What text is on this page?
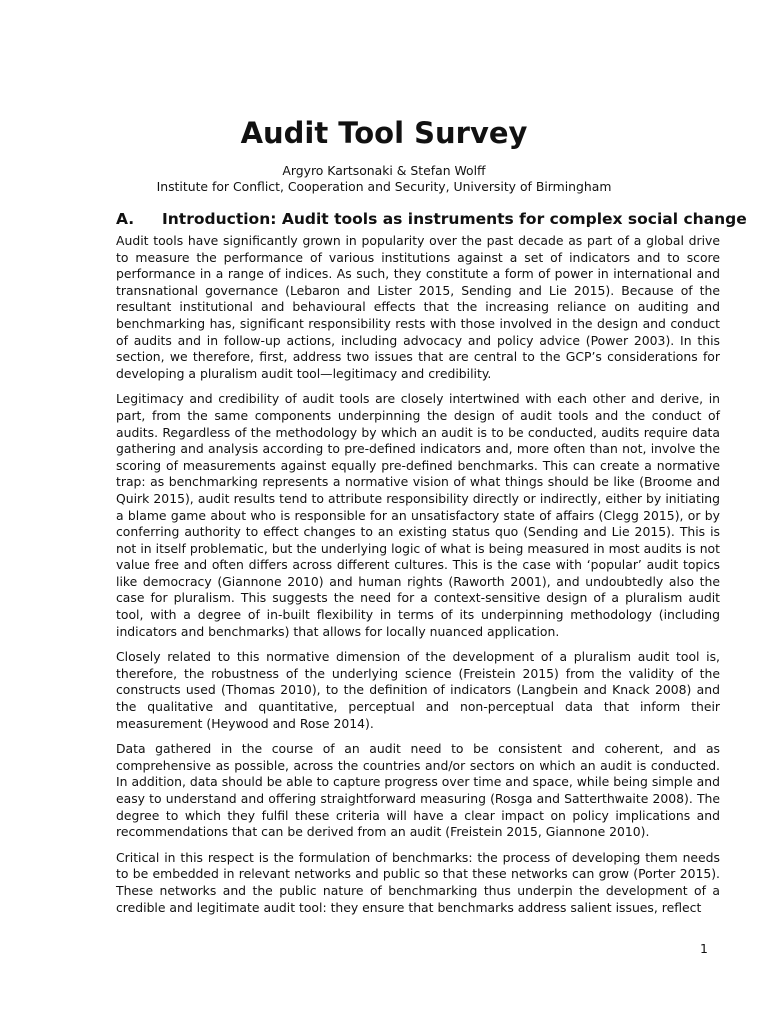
Audit Tool Survey

Argyro Kartsonaki & Stefan Wolff

Institute for Conflict, Cooperation and Security, University of Birmingham

A. Introduction: Audit tools as instruments for complex social change

Audit tools have significantly grown in popularity over the past decade as part of a global drive to measure the performance of various institutions against a set of indicators and to score performance in a range of indices. As such, they constitute a form of power in international and transnational governance (Lebaron and Lister 2015, Sending and Lie 2015). Because of the resultant institutional and behavioural effects that the increasing reliance on auditing and benchmarking has, significant responsibility rests with those involved in the design and conduct of audits and in follow-up actions, including advocacy and policy advice (Power 2003). In this section, we therefore, first, address two issues that are central to the GCP’s considerations for developing a pluralism audit tool—legitimacy and credibility.

Legitimacy and credibility of audit tools are closely intertwined with each other and derive, in part, from the same components underpinning the design of audit tools and the conduct of audits. Regardless of the methodology by which an audit is to be conducted, audits require data gathering and analysis according to pre-defined indicators and, more often than not, involve the scoring of measurements against equally pre-defined benchmarks. This can create a normative trap: as benchmarking represents a normative vision of what things should be like (Broome and Quirk 2015), audit results tend to attribute responsibility directly or indirectly, either by initiating a blame game about who is responsible for an unsatisfactory state of affairs (Clegg 2015), or by conferring authority to effect changes to an existing status quo (Sending and Lie 2015). This is not in itself problematic, but the underlying logic of what is being measured in most audits is not value free and often differs across different cultures. This is the case with ‘popular’ audit topics like democracy (Giannone 2010) and human rights (Raworth 2001), and undoubtedly also the case for pluralism. This suggests the need for a context-sensitive design of a pluralism audit tool, with a degree of in-built flexibility in terms of its underpinning methodology (including indicators and benchmarks) that allows for locally nuanced application.

Closely related to this normative dimension of the development of a pluralism audit tool is, therefore, the robustness of the underlying science (Freistein 2015) from the validity of the constructs used (Thomas 2010), to the definition of indicators (Langbein and Knack 2008) and the qualitative and quantitative, perceptual and non-perceptual data that inform their measurement (Heywood and Rose 2014).

Data gathered in the course of an audit need to be consistent and coherent, and as comprehensive as possible, across the countries and/or sectors on which an audit is conducted. In addition, data should be able to capture progress over time and space, while being simple and easy to understand and offering straightforward measuring (Rosga and Satterthwaite 2008). The degree to which they fulfil these criteria will have a clear impact on policy implications and recommendations that can be derived from an audit (Freistein 2015, Giannone 2010).

Critical in this respect is the formulation of benchmarks: the process of developing them needs to be embedded in relevant networks and public so that these networks can grow (Porter 2015). These networks and the public nature of benchmarking thus underpin the development of a credible and legitimate audit tool: they ensure that benchmarks address salient issues, reflect

1
